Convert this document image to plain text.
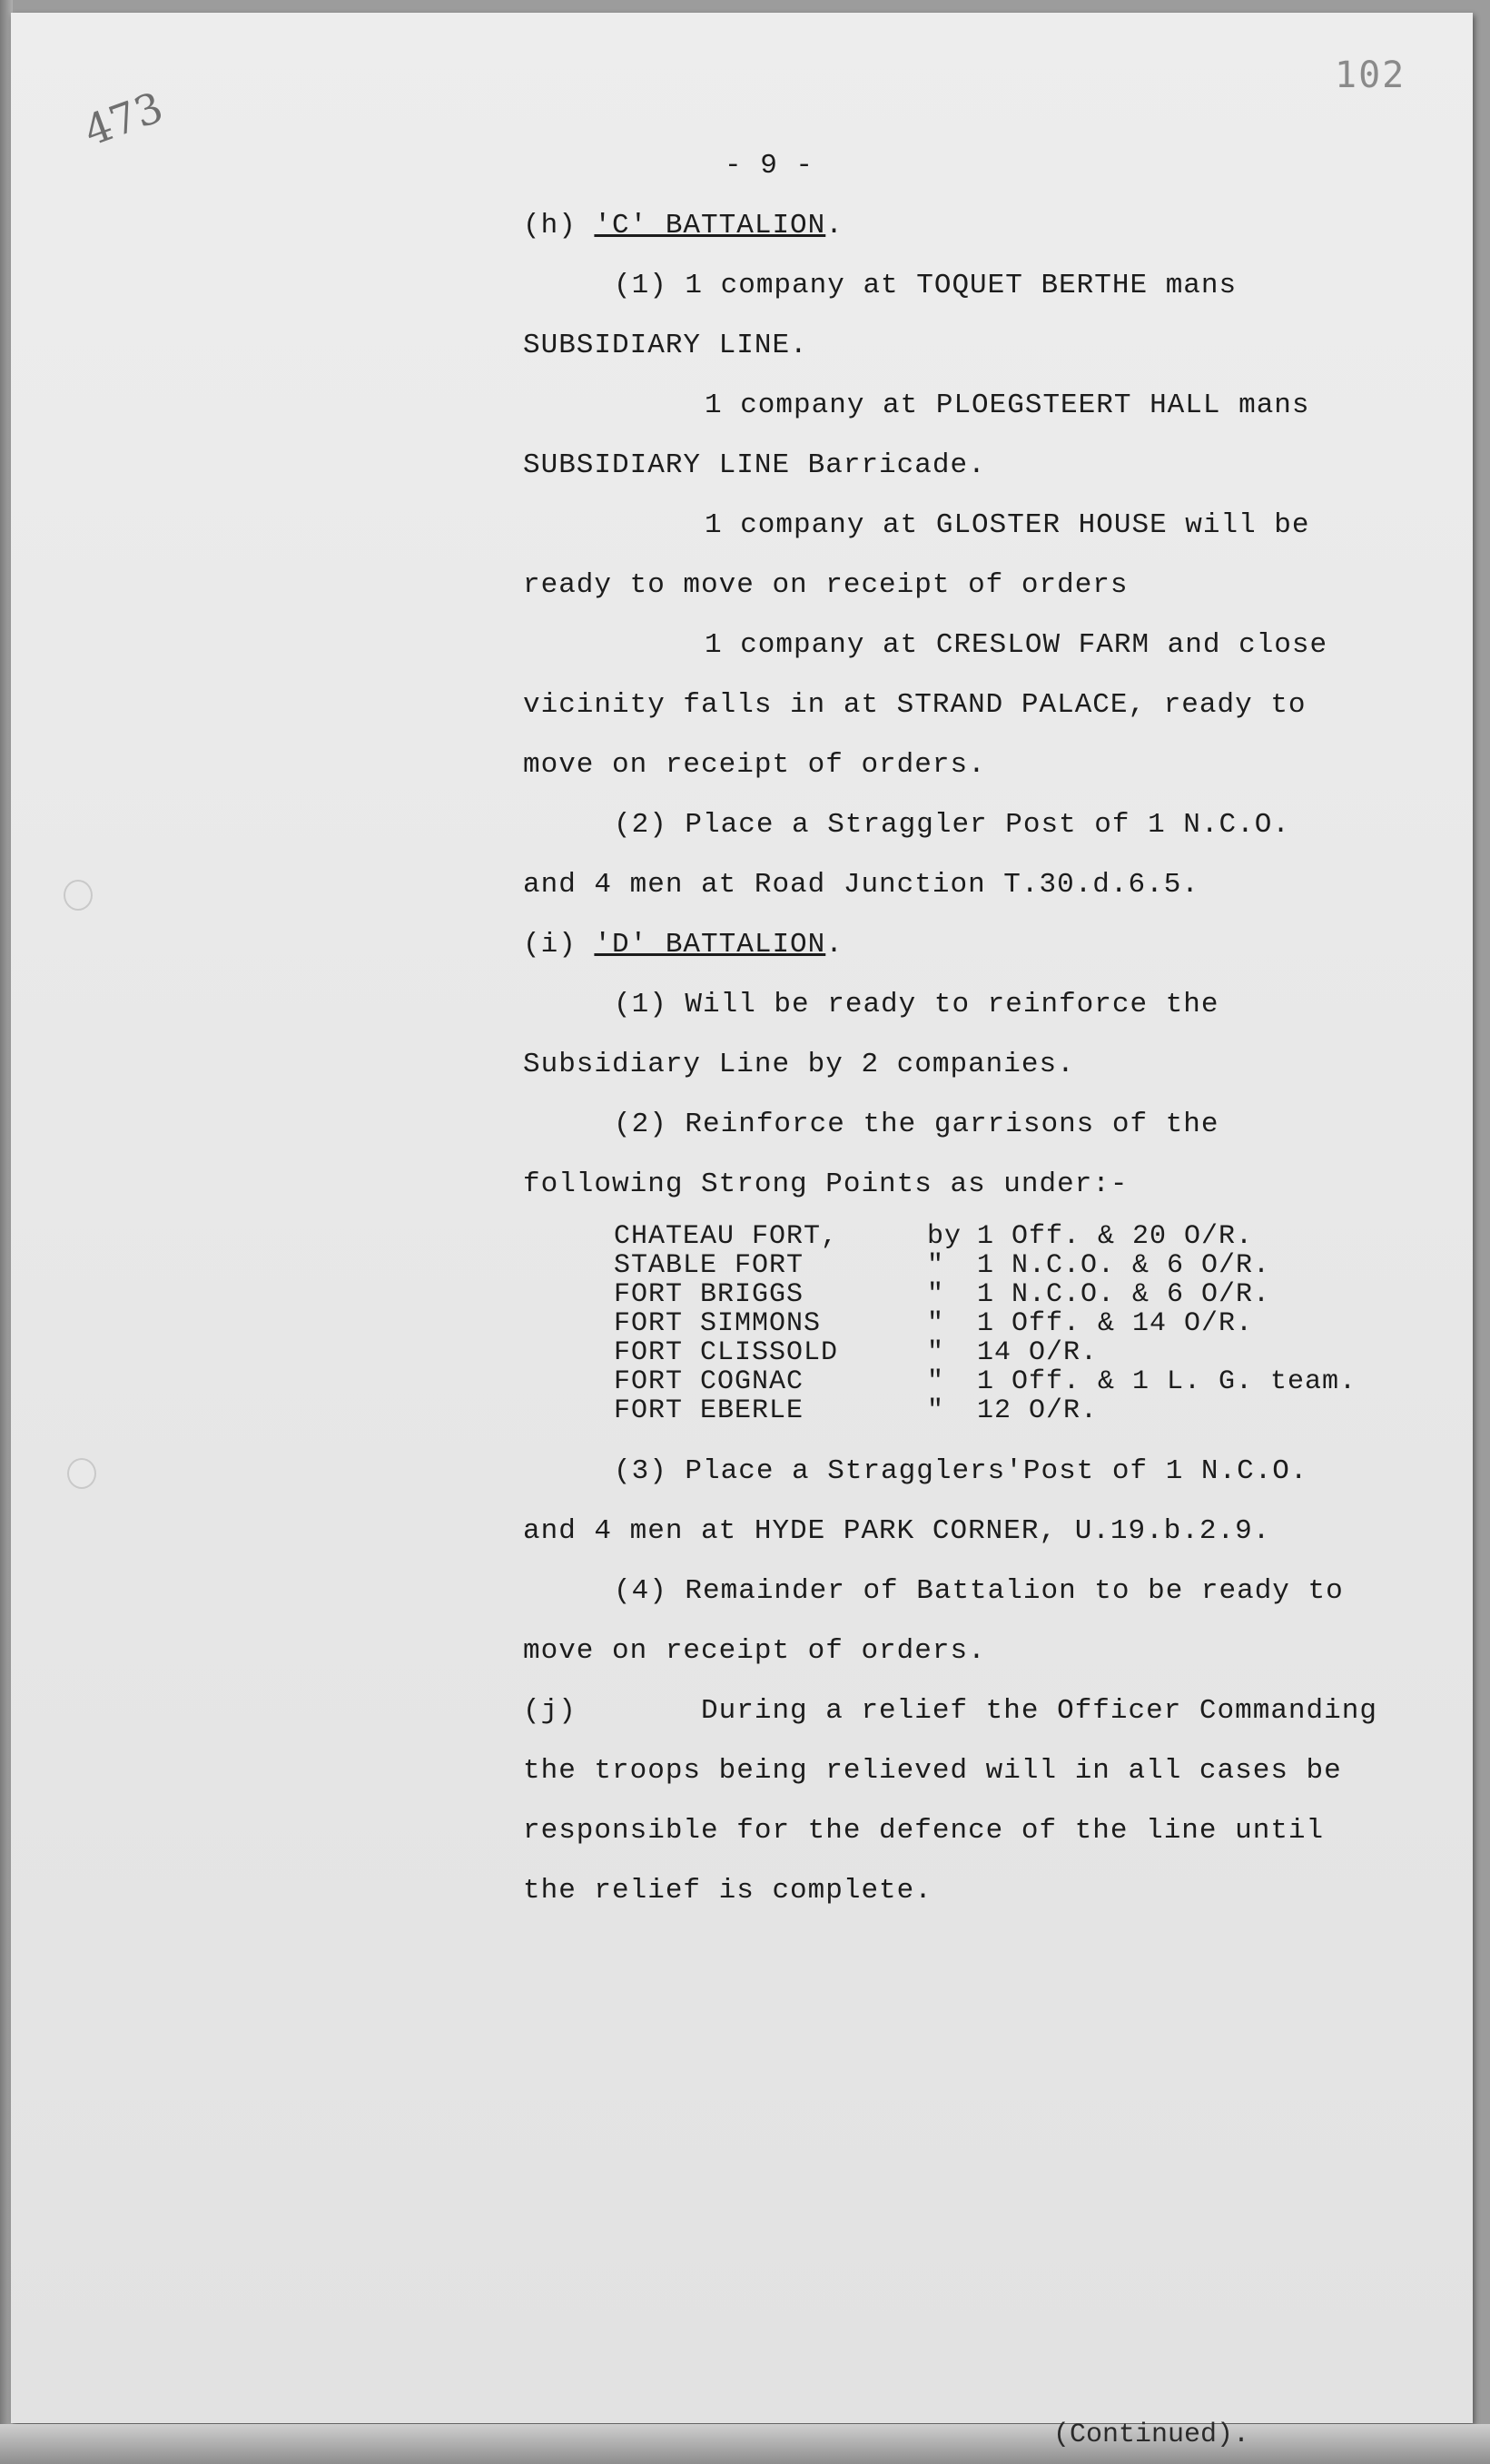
473
102
- 9 -
(h) 'C' BATTALION.
(1) 1 company at TOQUET BERTHE mans
SUBSIDIARY LINE.
1 company at PLOEGSTEERT HALL mans
SUBSIDIARY LINE Barricade.
1 company at GLOSTER HOUSE will be
ready to move on receipt of orders
1 company at CRESLOW FARM and close
vicinity falls in at STRAND PALACE, ready to
move on receipt of orders.
(2) Place a Straggler Post of 1 N.C.O.
and 4 men at Road Junction T.30.d.6.5.
(i) 'D' BATTALION.
(1) Will be ready to reinforce the
Subsidiary Line by 2 companies.
(2) Reinforce the garrisons of the
following Strong Points as under:-
CHATEAU FORT,	by 1 Off. & 20 O/R.
STABLE FORT	"	1 N.C.O. & 6 O/R.
FORT BRIGGS	"	1 N.C.O. & 6 O/R.
FORT SIMMONS	"	1 Off. & 14 O/R.
FORT CLISSOLD	"	14 O/R.
FORT COGNAC	"	1 Off. & 1 L. G. team.
FORT EBERLE	"	12 O/R.
(3) Place a Stragglers'Post of 1 N.C.O.
and 4 men at HYDE PARK CORNER, U.19.b.2.9.
(4) Remainder of Battalion to be ready to
move on receipt of orders.
(j)       During a relief the Officer Commanding
the troops being relieved will in all cases be
responsible for the defence of the line until
the relief is complete.
(Continued).
